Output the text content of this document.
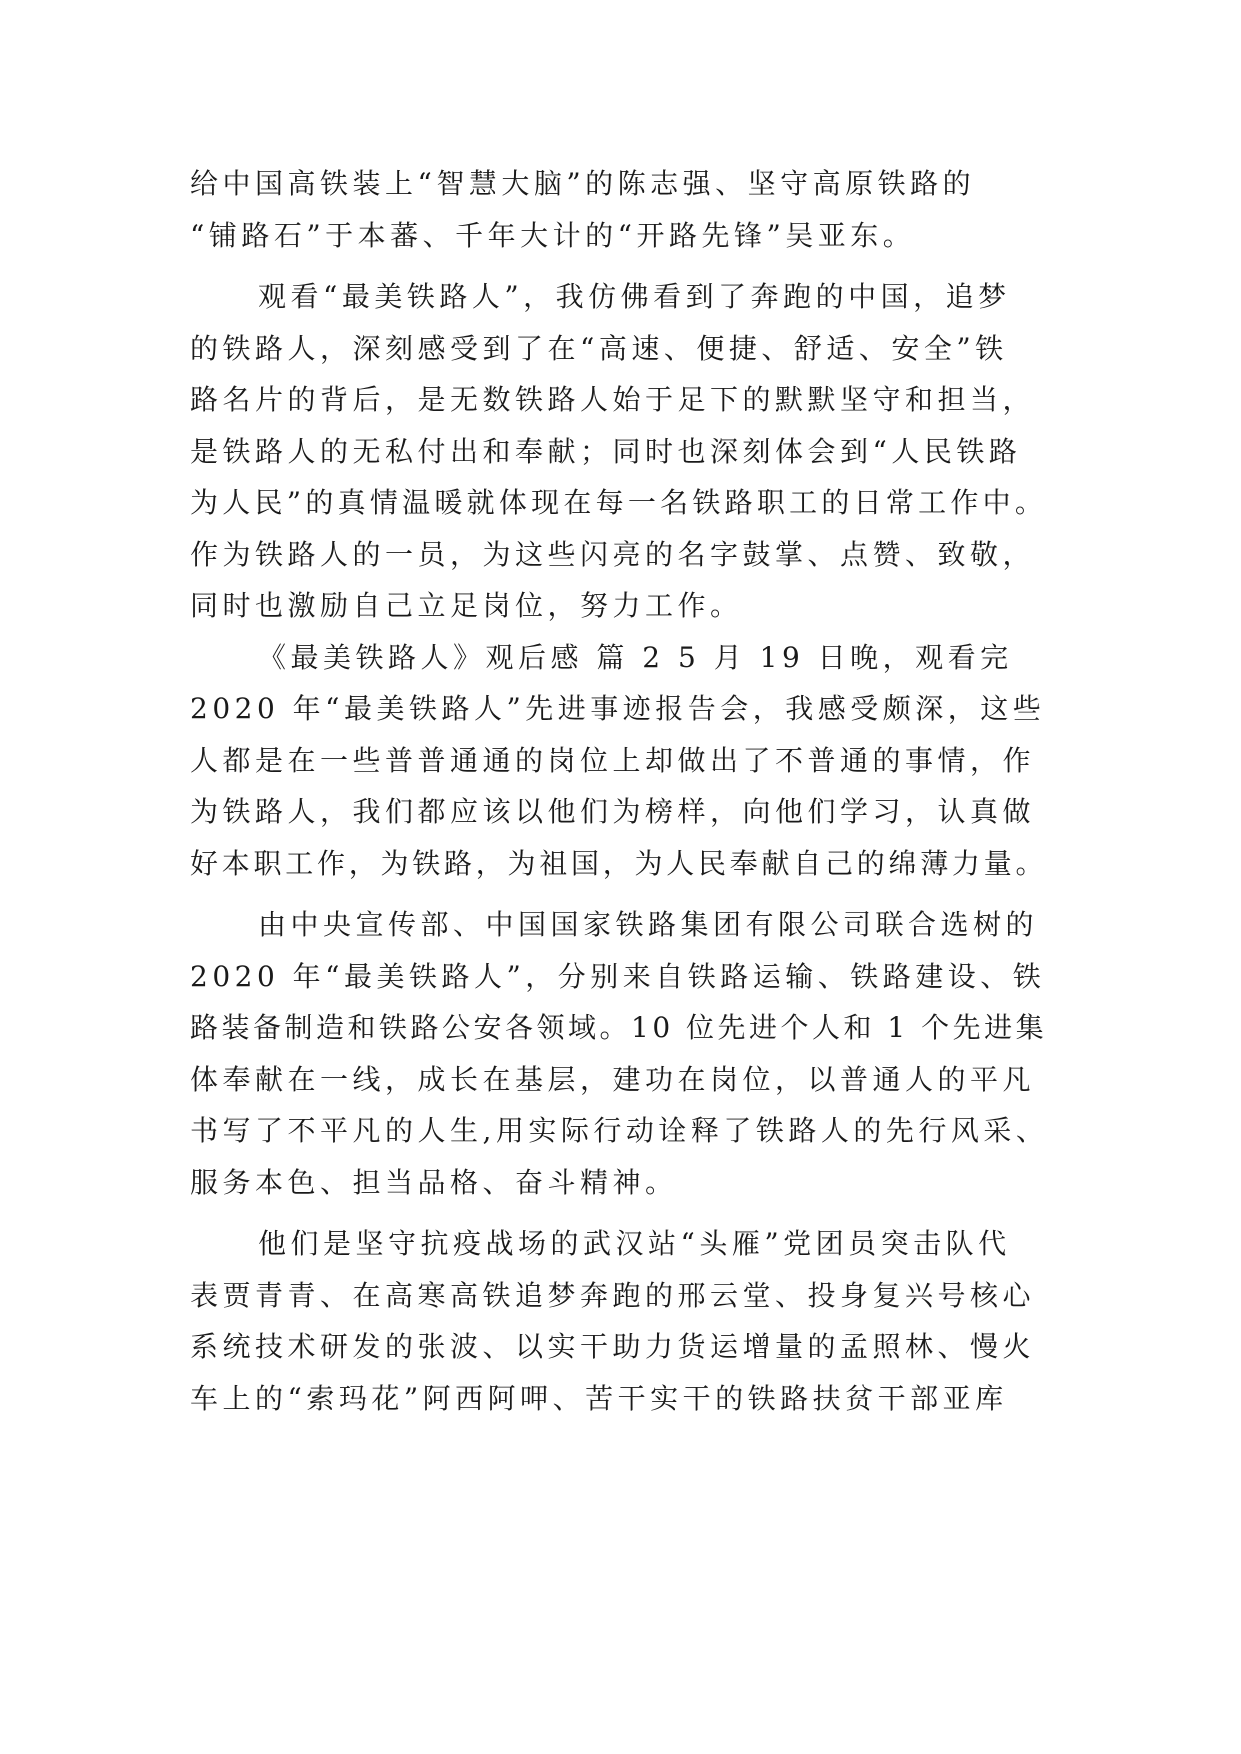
给中国高铁装上“智慧大脑”的陈志强、坚守高原铁路的
“铺路石”于本蕃、千年大计的“开路先锋”吴亚东。
观看“最美铁路人”，我仿佛看到了奔跑的中国，追梦
的铁路人，深刻感受到了在“高速、便捷、舒适、安全”铁
路名片的背后，是无数铁路人始于足下的默默坚守和担当，
是铁路人的无私付出和奉献；同时也深刻体会到“人民铁路
为人民”的真情温暖就体现在每一名铁路职工的日常工作中。
作为铁路人的一员，为这些闪亮的名字鼓掌、点赞、致敬，
同时也激励自己立足岗位，努力工作。
《最美铁路人》观后感 篇 2 5 月 19 日晚，观看完
2020 年“最美铁路人”先进事迹报告会，我感受颇深，这些
人都是在一些普普通通的岗位上却做出了不普通的事情，作
为铁路人，我们都应该以他们为榜样，向他们学习，认真做
好本职工作，为铁路，为祖国，为人民奉献自己的绵薄力量。
由中央宣传部、中国国家铁路集团有限公司联合选树的
2020 年“最美铁路人”，分别来自铁路运输、铁路建设、铁
路装备制造和铁路公安各领域。10 位先进个人和 1 个先进集
体奉献在一线，成长在基层，建功在岗位，以普通人的平凡
书写了不平凡的人生,用实际行动诠释了铁路人的先行风采、
服务本色、担当品格、奋斗精神。
他们是坚守抗疫战场的武汉站“头雁”党团员突击队代
表贾青青、在高寒高铁追梦奔跑的邢云堂、投身复兴号核心
系统技术研发的张波、以实干助力货运增量的孟照林、慢火
车上的“索玛花”阿西阿呷、苦干实干的铁路扶贫干部亚库
